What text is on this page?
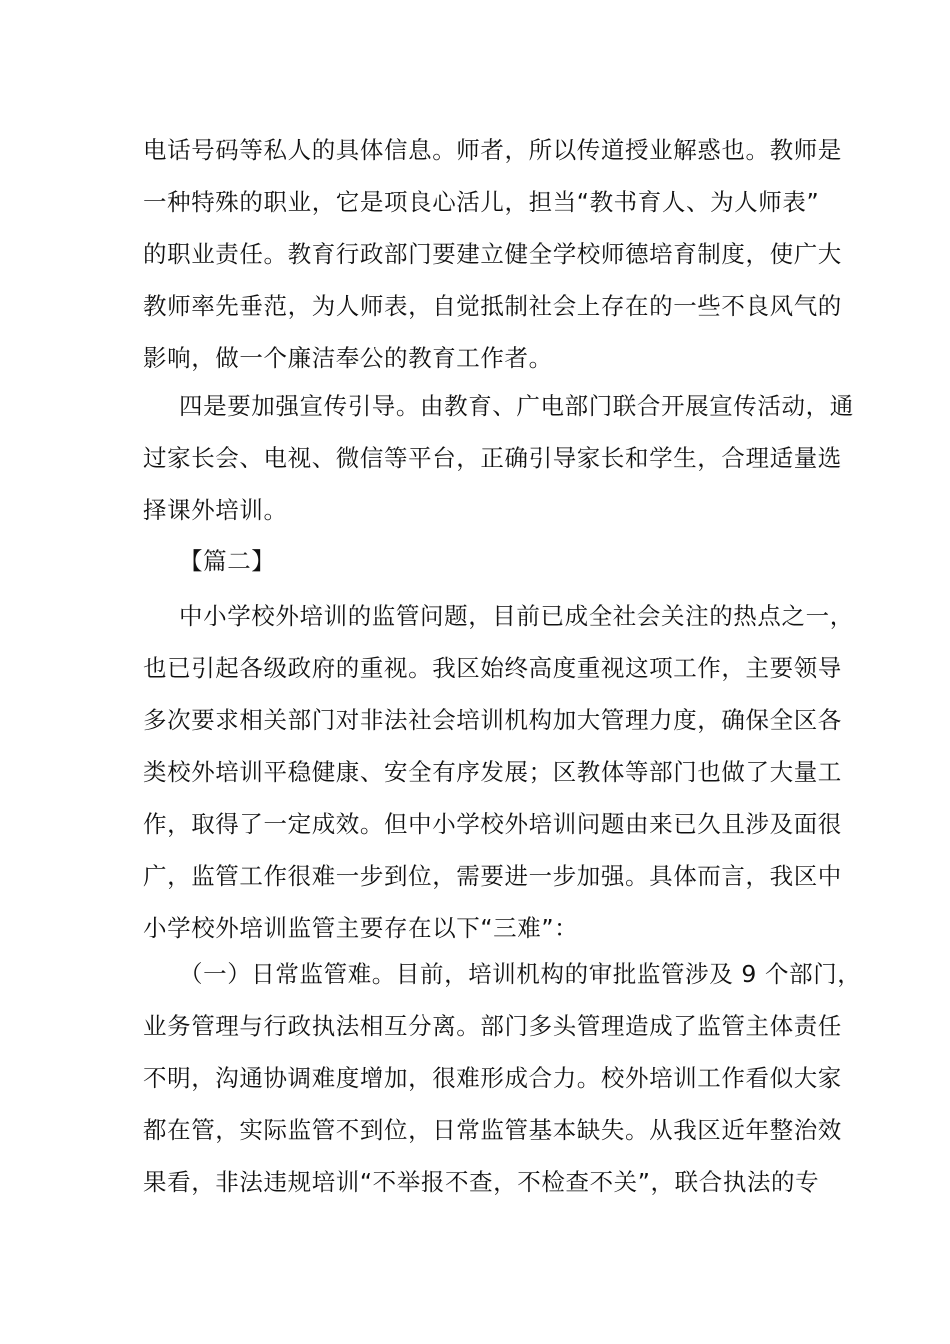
电话号码等私人的具体信息。师者，所以传道授业解惑也。教师是
一种特殊的职业，它是项良心活儿，担当“教书育人、为人师表”
的职业责任。教育行政部门要建立健全学校师德培育制度，使广大
教师率先垂范，为人师表，自觉抵制社会上存在的一些不良风气的
影响，做一个廉洁奉公的教育工作者。
四是要加强宣传引导。由教育、广电部门联合开展宣传活动，通
过家长会、电视、微信等平台，正确引导家长和学生，合理适量选
择课外培训。
【篇二】
中小学校外培训的监管问题，目前已成全社会关注的热点之一，
也已引起各级政府的重视。我区始终高度重视这项工作，主要领导
多次要求相关部门对非法社会培训机构加大管理力度，确保全区各
类校外培训平稳健康、安全有序发展；区教体等部门也做了大量工
作，取得了一定成效。但中小学校外培训问题由来已久且涉及面很
广，监管工作很难一步到位，需要进一步加强。具体而言，我区中
小学校外培训监管主要存在以下“三难”：
（一）日常监管难。目前，培训机构的审批监管涉及 9 个部门，
业务管理与行政执法相互分离。部门多头管理造成了监管主体责任
不明，沟通协调难度增加，很难形成合力。校外培训工作看似大家
都在管，实际监管不到位，日常监管基本缺失。从我区近年整治效
果看，非法违规培训“不举报不查，不检查不关”，联合执法的专
